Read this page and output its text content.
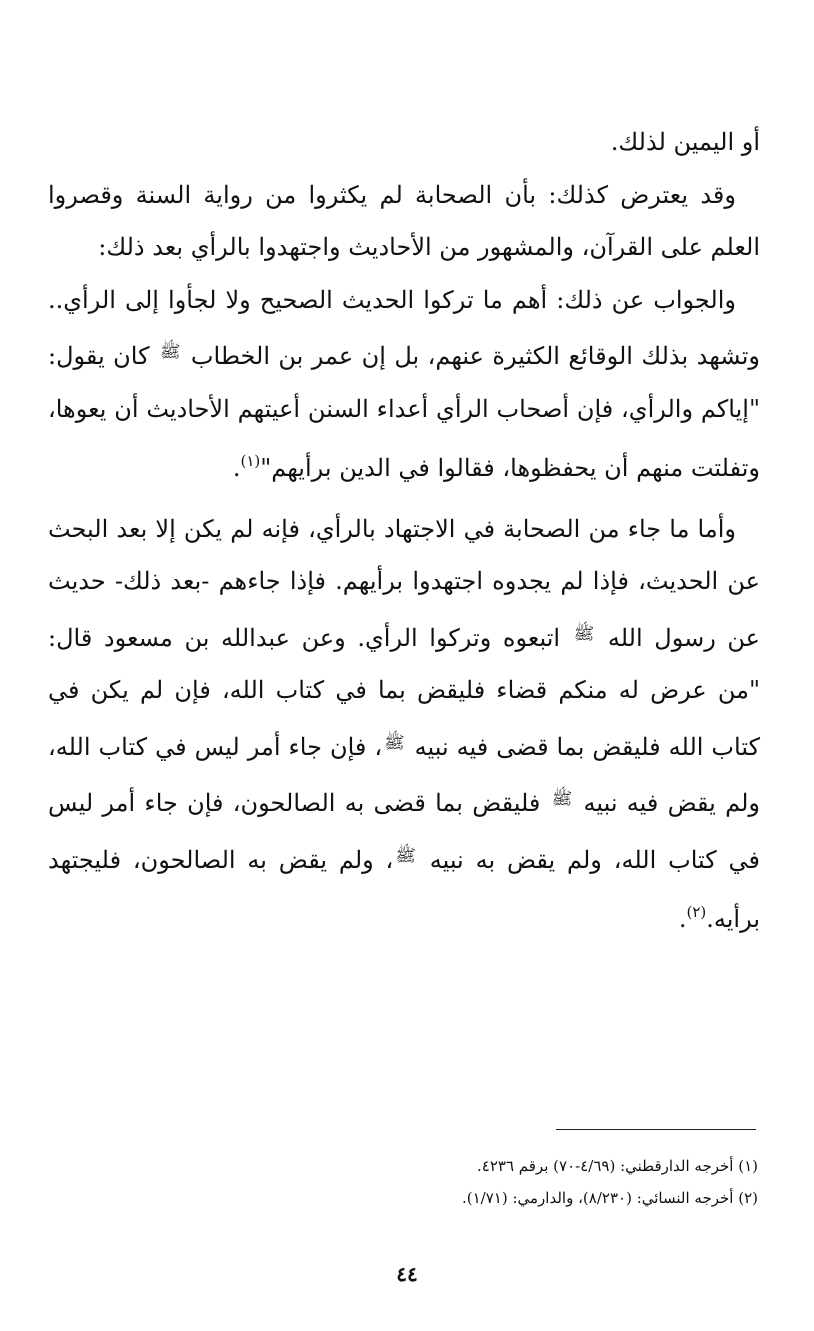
أو اليمين لذلك.

وقد يعترض كذلك: بأن الصحابة لم يكثروا من رواية السنة وقصروا العلم على القرآن، والمشهور من الأحاديث واجتهدوا بالرأي بعد ذلك:

والجواب عن ذلك: أهم ما تركوا الحديث الصحيح ولا لجأوا إلى الرأي.. وتشهد بذلك الوقائع الكثيرة عنهم، بل إن عمر بن الخطاب $^ﷺ$ كان يقول: "إياكم والرأي، فإن أصحاب الرأي أعداء السنن أعيتهم الأحاديث أن يعوها، وتفلتت منهم أن يحفظوها، فقالوا في الدين برأيهم"$^{(١)}$.

وأما ما جاء من الصحابة في الاجتهاد بالرأي، فإنه لم يكن إلا بعد البحث عن الحديث، فإذا لم يجدوه اجتهدوا برأيهم. فإذا جاءهم -بعد ذلك- حديث عن رسول الله $^ﷺ$ اتبعوه وتركوا الرأي. وعن عبدالله بن مسعود قال: "من عرض له منكم قضاء فليقض بما في كتاب الله، فإن لم يكن في كتاب الله فليقض بما قضى فيه نبيه $^ﷺ$، فإن جاء أمر ليس في كتاب الله، ولم يقض فيه نبيه $^ﷺ$ فليقض بما قضى به الصالحون، فإن جاء أمر ليس في كتاب الله، ولم يقض به نبيه $^ﷺ$، ولم يقض به الصالحون، فليجتهد برأيه.$^{(٢)}$.

(١) أخرجه الدارقطني: (٤/٦٩-٧٠) برقم ٤٢٣٦.

(٢) أخرجه النسائي: (٨/٢٣٠)، والدارمي: (١/٧١).

٤٤
